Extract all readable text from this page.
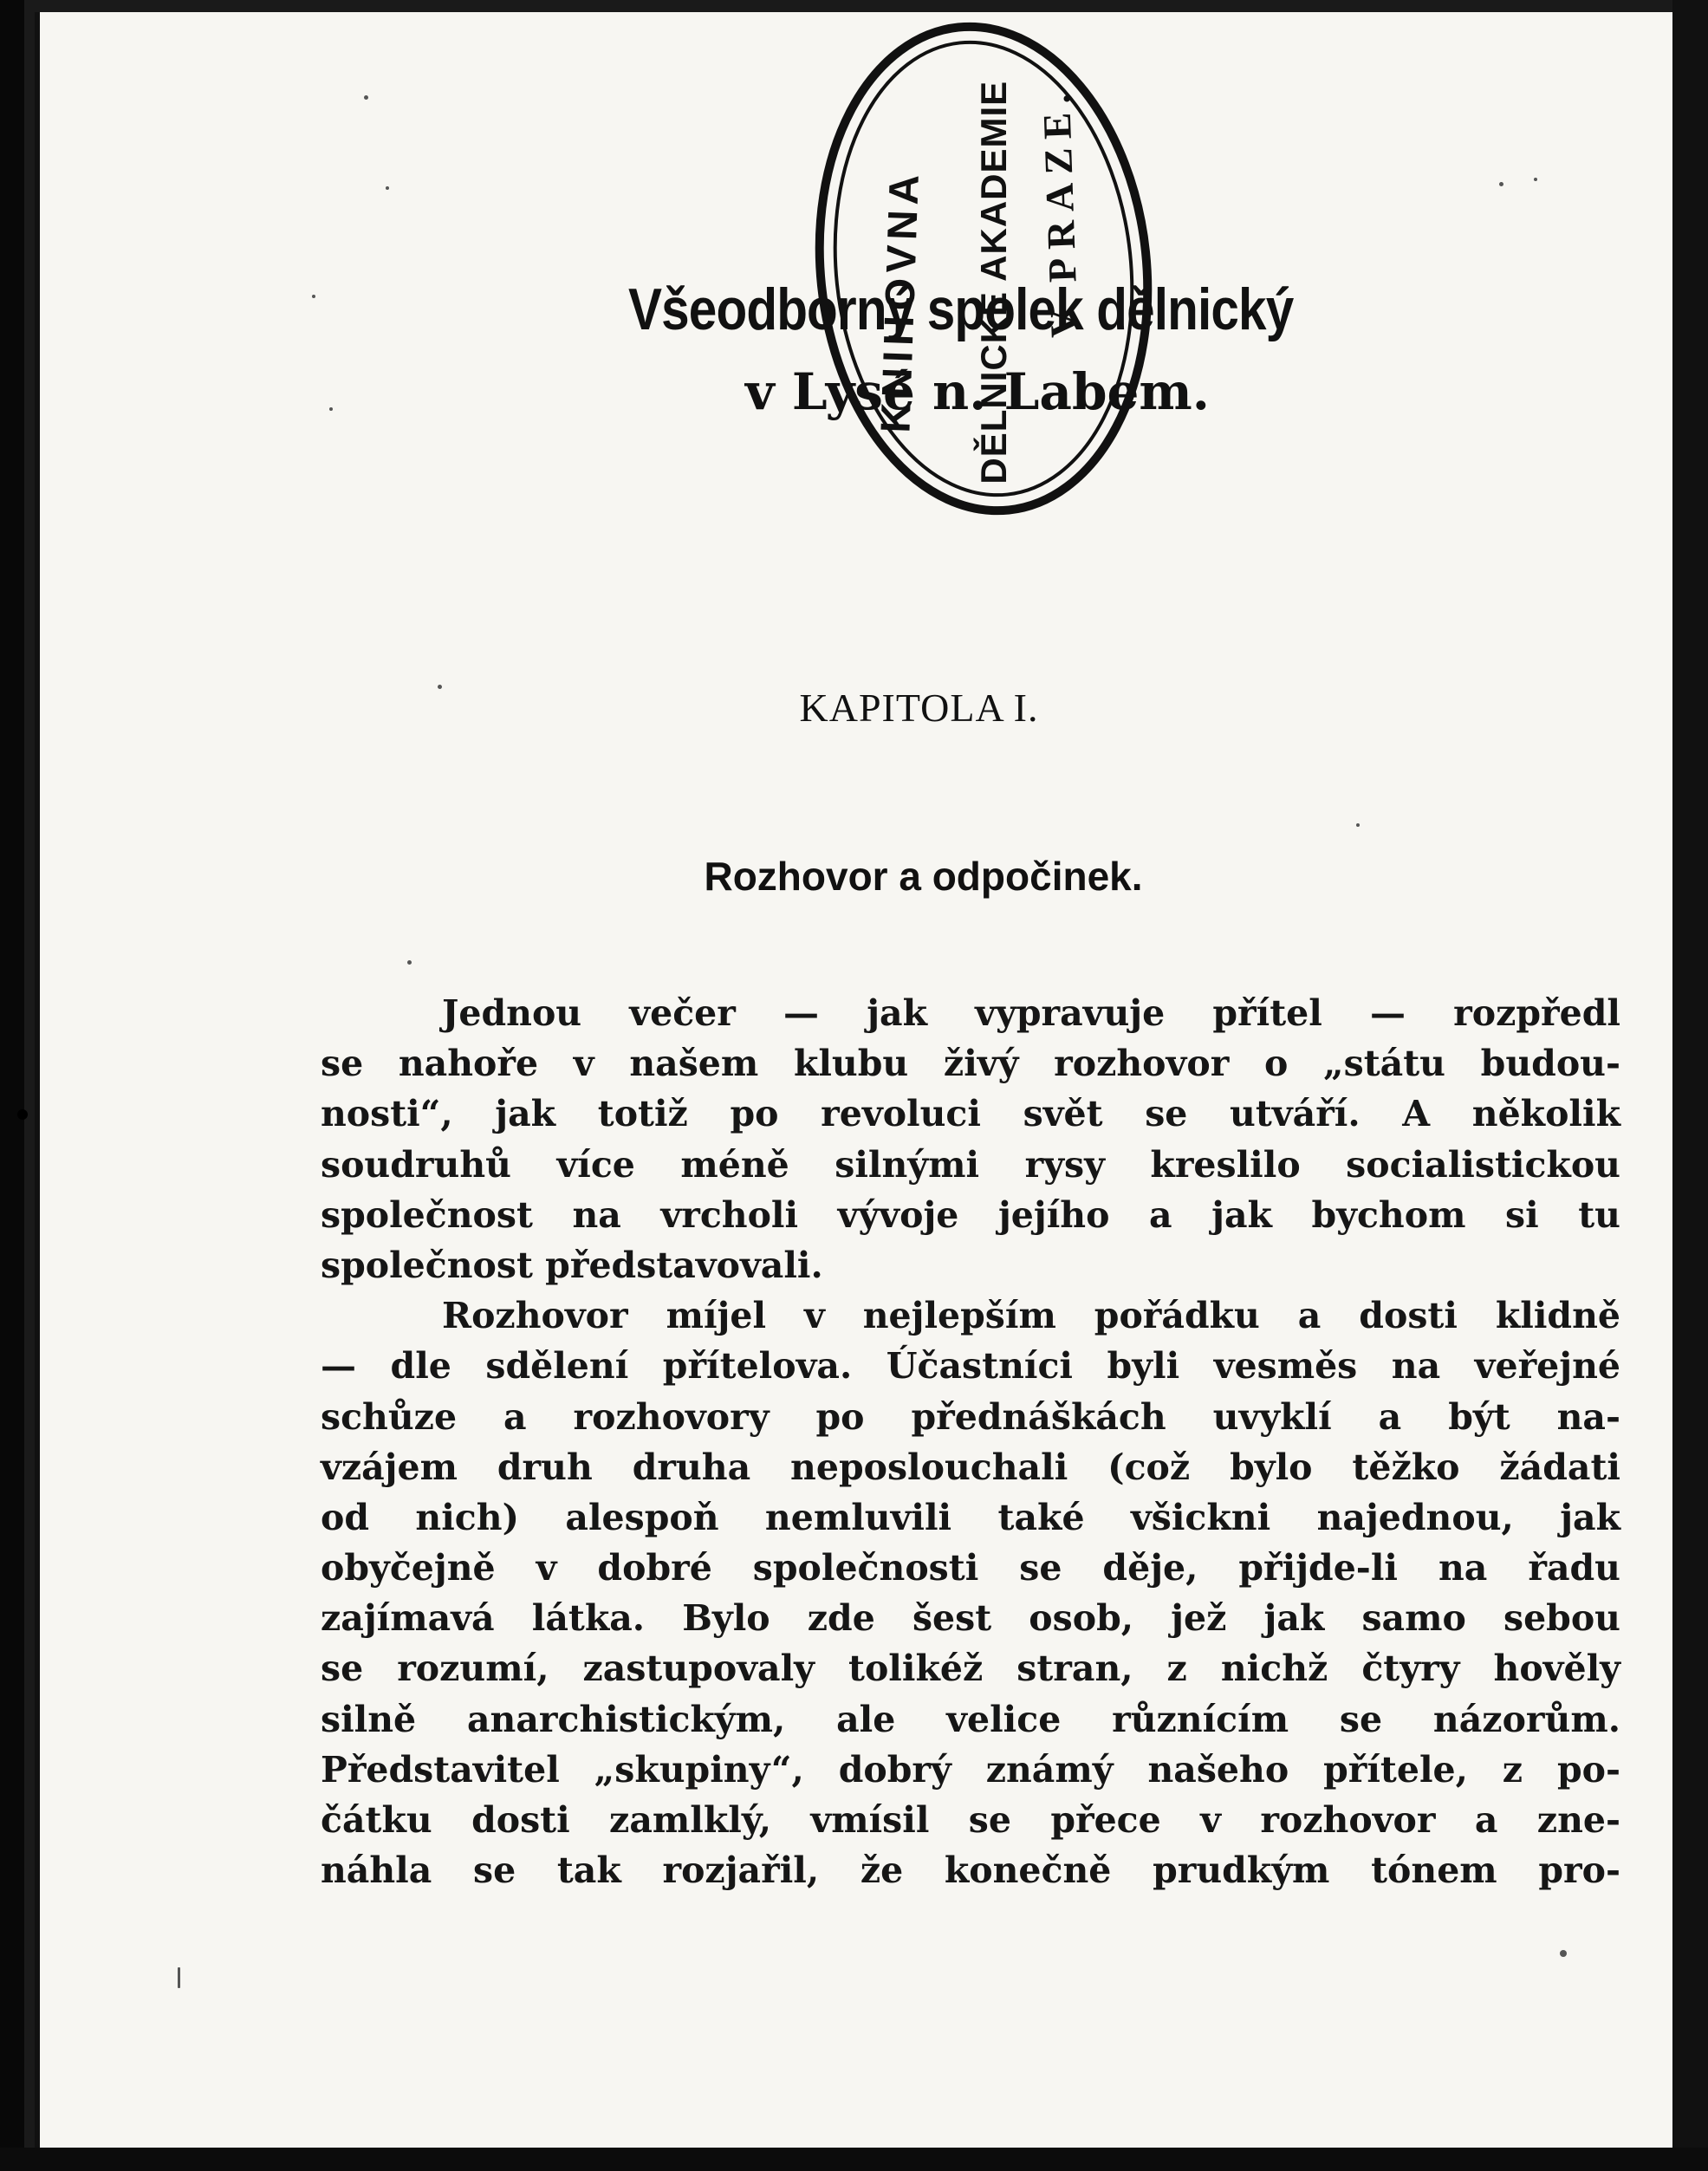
Všeodborný spolek dělnický
v Lysé n. Labem.
KNIHOVNA DĚLNICKÉ AKADEMIE V PRAZE.
KAPITOLA I.
Rozhovor a odpočinek.
Jednou večer — jak vypravuje přítel — rozpředl
se nahoře v našem klubu živý rozhovor o „státu budou-
nosti“, jak totiž po revoluci svět se utváří. A několik
soudruhů více méně silnými rysy kreslilo socialistickou
společnost na vrcholi vývoje jejího a jak bychom si tu
společnost představovali.
Rozhovor míjel v nejlepším pořádku a dosti klidně
— dle sdělení přítelova. Účastníci byli vesměs na veřejné
schůze a rozhovory po přednáškách uvyklí a být na-
vzájem druh druha neposlouchali (což bylo těžko žádati
od nich) alespoň nemluvili také všickni najednou, jak
obyčejně v dobré společnosti se děje, přijde-li na řadu
zajímavá látka. Bylo zde šest osob, jež jak samo sebou
se rozumí, zastupovaly tolikéž stran, z nichž čtyry hověly
silně anarchistickým, ale velice různícím se názorům.
Představitel „skupiny“, dobrý známý našeho přítele, z po-
čátku dosti zamlklý, vmísil se přece v rozhovor a zne-
náhla se tak rozjařil, že konečně prudkým tónem pro-
